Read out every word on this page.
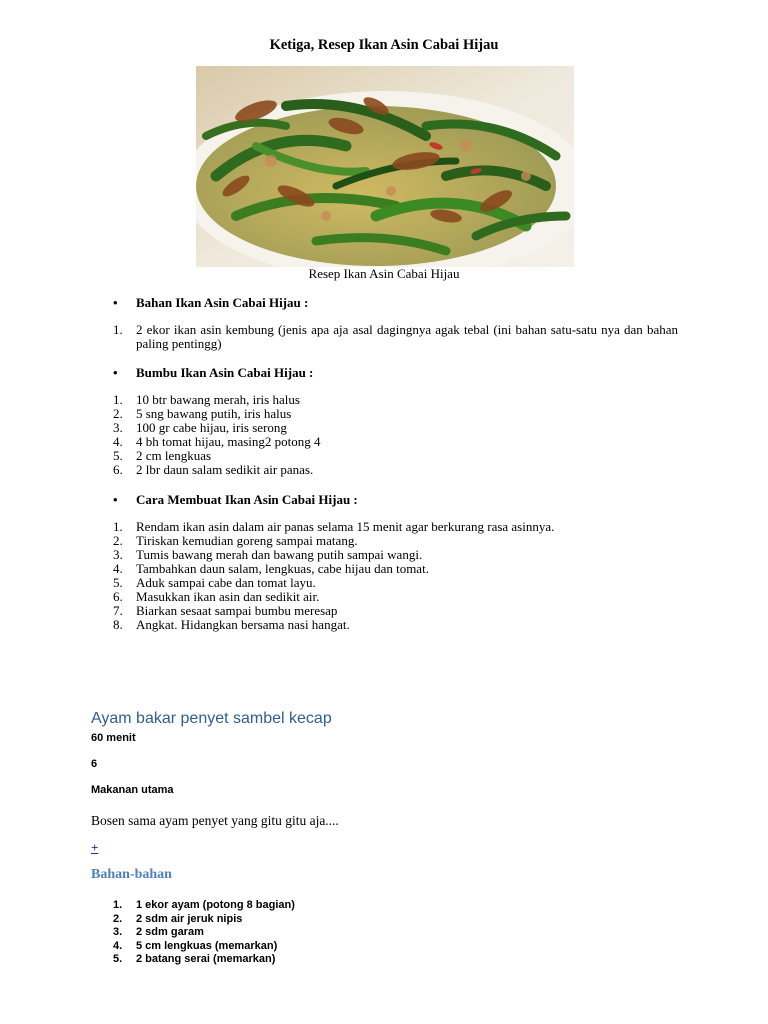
Ketiga, Resep Ikan Asin Cabai Hijau
Resep Ikan Asin Cabai Hijau
• Bahan Ikan Asin Cabai Hijau :
1. 2 ekor ikan asin kembung (jenis apa aja asal dagingnya agak tebal (ini bahan satu-satu nya dan bahan paling pentingg)
• Bumbu Ikan Asin Cabai Hijau :
1. 10 btr bawang merah, iris halus
2. 5 sng bawang putih, iris halus
3. 100 gr cabe hijau, iris serong
4. 4 bh tomat hijau, masing2 potong 4
5. 2 cm lengkuas
6. 2 lbr daun salam sedikit air panas.
• Cara Membuat Ikan Asin Cabai Hijau :
1. Rendam ikan asin dalam air panas selama 15 menit agar berkurang rasa asinnya.
2. Tiriskan kemudian goreng sampai matang.
3. Tumis bawang merah dan bawang putih sampai wangi.
4. Tambahkan daun salam, lengkuas, cabe hijau dan tomat.
5. Aduk sampai cabe dan tomat layu.
6. Masukkan ikan asin dan sedikit air.
7. Biarkan sesaat sampai bumbu meresap
8. Angkat. Hidangkan bersama nasi hangat.
Ayam bakar penyet sambel kecap
60 menit
6
Makanan utama
Bosen sama ayam penyet yang gitu gitu aja....
+
Bahan-bahan
1. 1 ekor ayam (potong 8 bagian)
2. 2 sdm air jeruk nipis
3. 2 sdm garam
4. 5 cm lengkuas (memarkan)
5. 2 batang serai (memarkan)
